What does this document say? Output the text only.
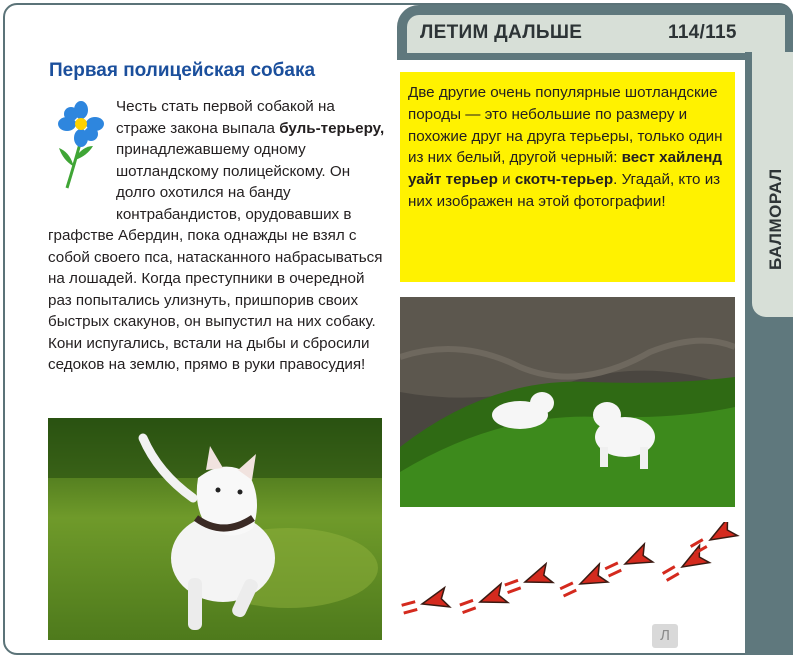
ЛЕТИМ ДАЛЬШЕ	114/115
БАЛМОРАЛ
Первая полицейская собака
Честь стать первой собакой на страже закона выпала буль-терьеру, принадлежавшему одному шотландскому полицейскому. Он долго охотился на банду контрабандистов, орудовавших в графстве Абердин, пока однажды не взял с собой своего пса, натасканного набрасываться на лошадей. Когда преступники в очередной раз попытались улизнуть, пришпорив своих быстрых скакунов, он выпустил на них собаку. Кони испугались, встали на дыбы и сбросили седоков на землю, прямо в руки правосудия!
Две другие очень популярные шотландские породы — это небольшие по размеру и похожие друг на друга терьеры, только один из них белый, другой черный: вест хайленд уайт терьер и скотч-терьер. Угадай, кто из них изображен на этой фотографии!
Л
